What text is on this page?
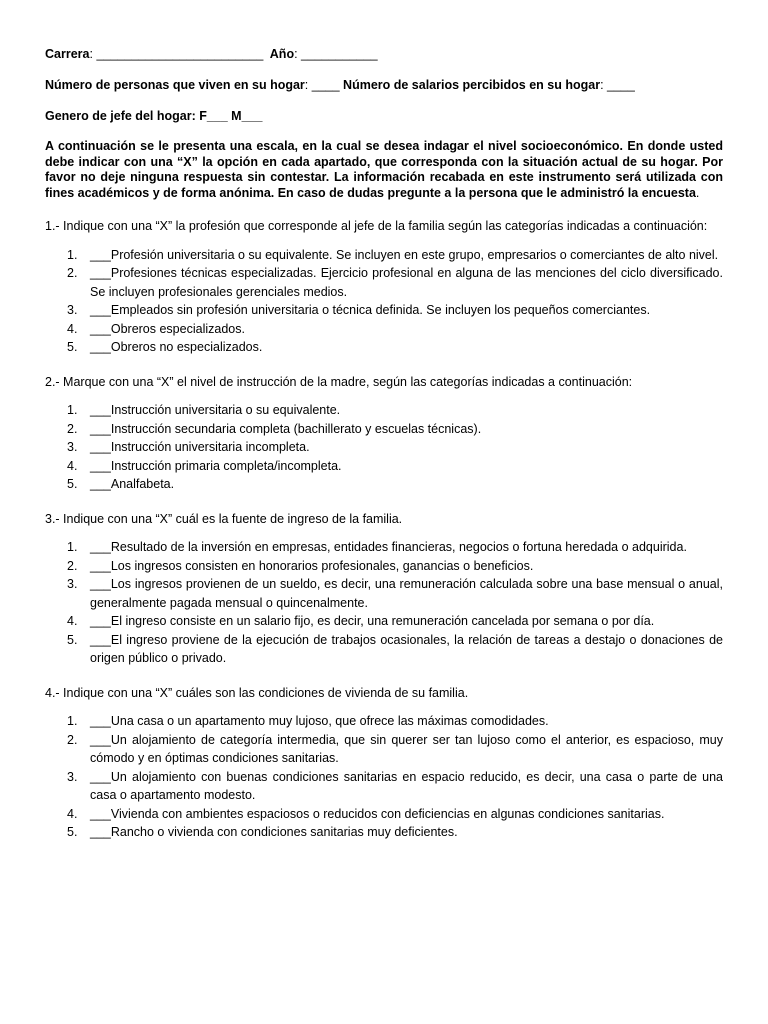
Carrera: ________________________ Año: ___________
Número de personas que viven en su hogar: ____ Número de salarios percibidos en su hogar: ____
Genero de jefe del hogar: F___ M___
A continuación se le presenta una escala, en la cual se desea indagar el nivel socioeconómico. En donde usted debe indicar con una “X” la opción en cada apartado, que corresponda con la situación actual de su hogar. Por favor no deje ninguna respuesta sin contestar. La información recabada en este instrumento será utilizada con fines académicos y de forma anónima. En caso de dudas pregunte a la persona que le administró la encuesta.
1.- Indique con una “X” la profesión que corresponde al jefe de la familia según las categorías indicadas a continuación:
1. ___Profesión universitaria o su equivalente. Se incluyen en este grupo, empresarios o comerciantes de alto nivel.
2. ___Profesiones técnicas especializadas. Ejercicio profesional en alguna de las menciones del ciclo diversificado. Se incluyen profesionales gerenciales medios.
3. ___Empleados sin profesión universitaria o técnica definida. Se incluyen los pequeños comerciantes.
4. ___Obreros especializados.
5. ___Obreros no especializados.
2.- Marque con una “X” el nivel de instrucción de la madre, según las categorías indicadas a continuación:
1. ___Instrucción universitaria o su equivalente.
2. ___Instrucción secundaria completa (bachillerato y escuelas técnicas).
3. ___Instrucción universitaria incompleta.
4. ___Instrucción primaria completa/incompleta.
5. ___Analfabeta.
3.- Indique con una “X” cuál es la fuente de ingreso de la familia.
1. ___Resultado de la inversión en empresas, entidades financieras, negocios o fortuna heredada o adquirida.
2. ___Los ingresos consisten en honorarios profesionales, ganancias o beneficios.
3. ___Los ingresos provienen de un sueldo, es decir, una remuneración calculada sobre una base mensual o anual, generalmente pagada mensual o quincenalmente.
4. ___El ingreso consiste en un salario fijo, es decir, una remuneración cancelada por semana o por día.
5. ___El ingreso proviene de la ejecución de trabajos ocasionales, la relación de tareas a destajo o donaciones de origen público o privado.
4.- Indique con una “X” cuáles son las condiciones de vivienda de su familia.
1. ___Una casa o un apartamento muy lujoso, que ofrece las máximas comodidades.
2. ___Un alojamiento de categoría intermedia, que sin querer ser tan lujoso como el anterior, es espacioso, muy cómodo y en óptimas condiciones sanitarias.
3. ___Un alojamiento con buenas condiciones sanitarias en espacio reducido, es decir, una casa o parte de una casa o apartamento modesto.
4. ___Vivienda con ambientes espaciosos o reducidos con deficiencias en algunas condiciones sanitarias.
5. ___Rancho o vivienda con condiciones sanitarias muy deficientes.
